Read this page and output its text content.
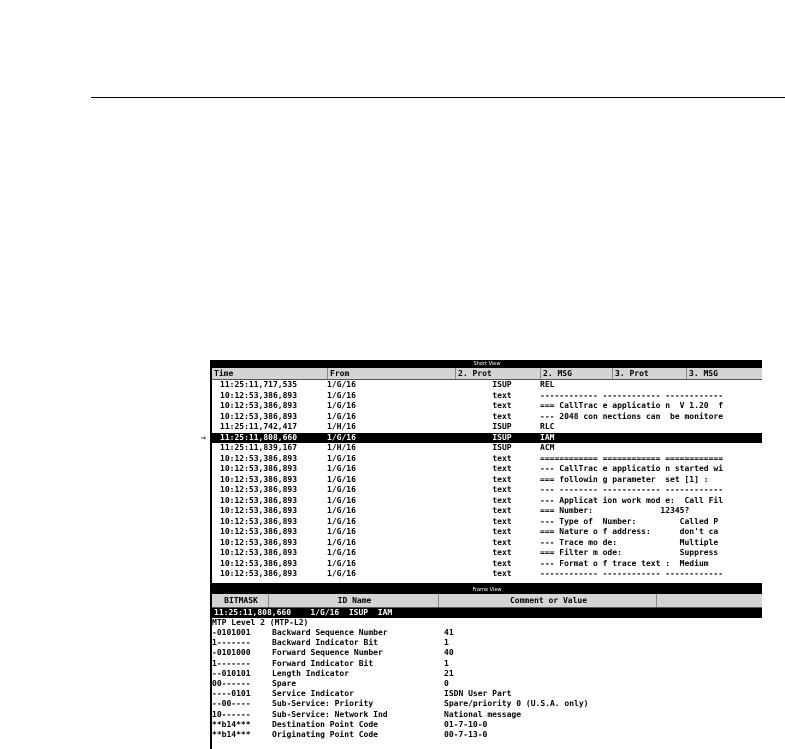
Short View
Time	From	2. Prot	2. MSG	3. Prot	3. MSG
11:25:11,717,535	1/G/16	ISUP	REL
10:12:53,386,893	1/G/16	text	------------ ------------ ------------
10:12:53,386,893	1/G/16	text	=== CallTrac e applicatio n  V 1.20  f
10:12:53,386,893	1/G/16	text	--- 2048 con nections can  be monitore
11:25:11,742,417	1/H/16	ISUP	RLC
⇒ 11:25:11,808,660	1/G/16	ISUP	IAM
11:25:11,839,167	1/H/16	ISUP	ACM
10:12:53,386,893	1/G/16	text	============ ============ ============
10:12:53,386,893	1/G/16	text	--- CallTrac e applicatio n started wi
10:12:53,386,893	1/G/16	text	=== followin g parameter  set [1] :
10:12:53,386,893	1/G/16	text	--- -------- ------------ ------------
10:12:53,386,893	1/G/16	text	--- Applicat ion work mod e:  Call Fil
10:12:53,386,893	1/G/16	text	=== Number:              12345?
10:12:53,386,893	1/G/16	text	--- Type of  Number:         Called P
10:12:53,386,893	1/G/16	text	=== Nature o f address:      don't ca
10:12:53,386,893	1/G/16	text	--- Trace mo de:             Multiple
10:12:53,386,893	1/G/16	text	=== Filter m ode:            Suppress
10:12:53,386,893	1/G/16	text	--- Format o f trace text :  Medium
10:12:53,386,893	1/G/16	text	------------ ------------ ------------
Frame View
BITMASK	ID Name	Comment or Value
11:25:11,808,660    1/G/16  ISUP  IAM
MTP Level 2 (MTP-L2)
-0101001	Backward Sequence Number	41
1-------	Backward Indicator Bit	1
-0101000	Forward Sequence Number	40
1-------	Forward Indicator Bit	1
--010101	Length Indicator	21
00------	Spare	0
----0101	Service Indicator	ISDN User Part
--00----	Sub-Service: Priority	Spare/priority 0 (U.S.A. only)
10------	Sub-Service: Network Ind	National message
**b14***	Destination Point Code	01-7-10-0
**b14***	Originating Point Code	00-7-13-0
